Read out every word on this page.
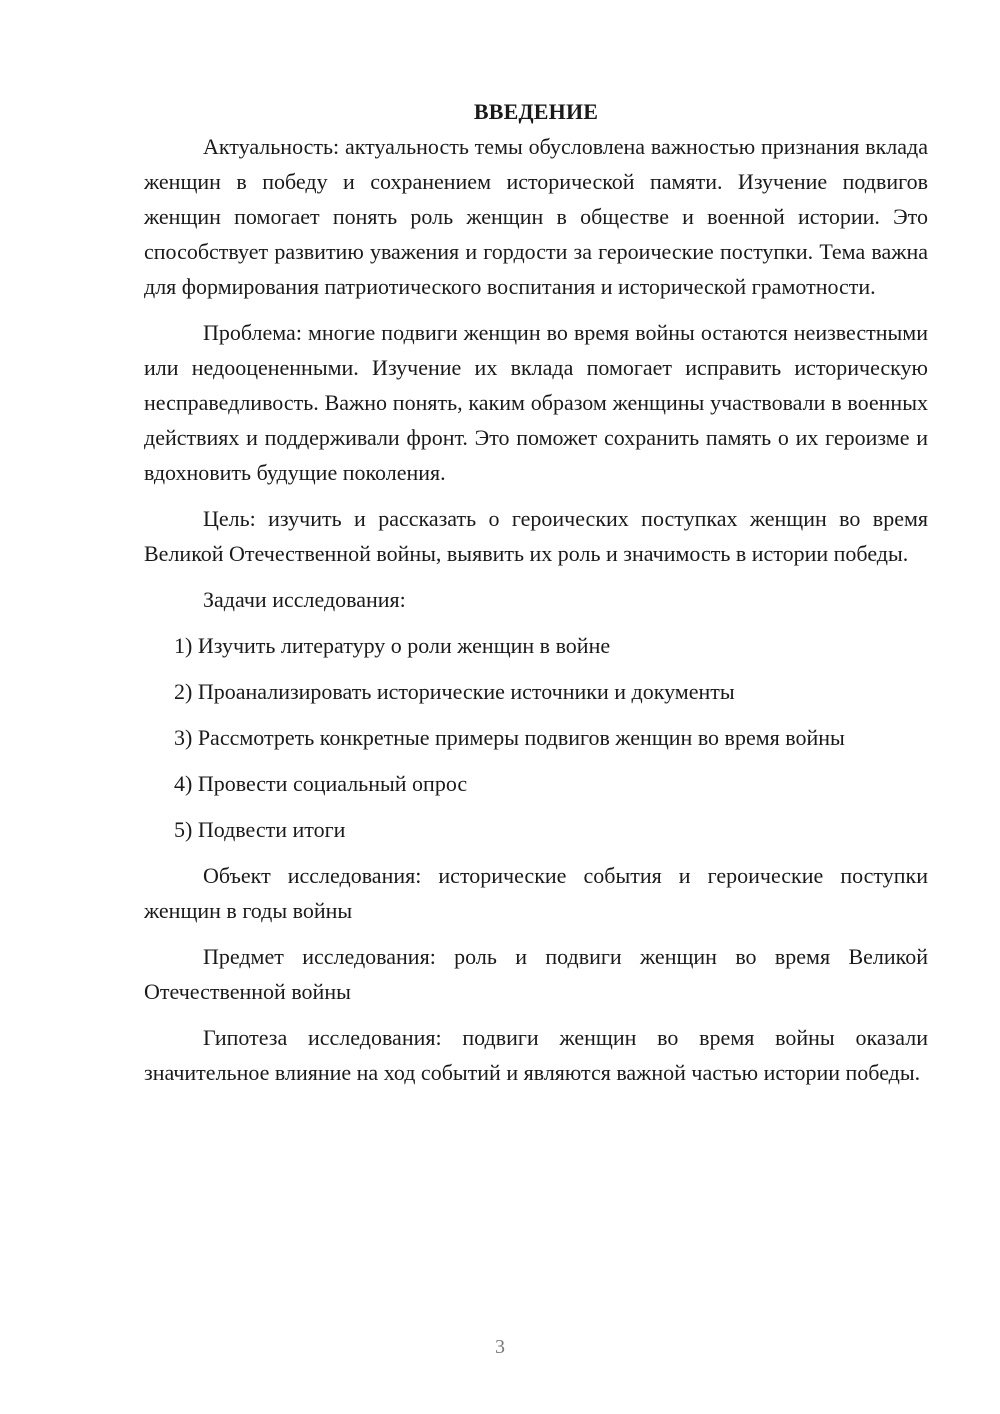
ВВЕДЕНИЕ

Актуальность: актуальность темы обусловлена важностью признания вклада женщин в победу и сохранением исторической памяти. Изучение подвигов женщин помогает понять роль женщин в обществе и военной истории. Это способствует развитию уважения и гордости за героические поступки. Тема важна для формирования патриотического воспитания и исторической грамотности.

Проблема: многие подвиги женщин во время войны остаются неизвестными или недооцененными. Изучение их вклада помогает исправить историческую несправедливость. Важно понять, каким образом женщины участвовали в военных действиях и поддерживали фронт. Это поможет сохранить память о их героизме и вдохновить будущие поколения.

Цель: изучить и рассказать о героических поступках женщин во время Великой Отечественной войны, выявить их роль и значимость в истории победы.

Задачи исследования:

1) Изучить литературу о роли женщин в войне

2) Проанализировать исторические источники и документы

3) Рассмотреть конкретные примеры подвигов женщин во время войны

4) Провести социальный опрос

5) Подвести итоги

Объект исследования: исторические события и героические поступки женщин в годы войны

Предмет исследования: роль и подвиги женщин во время Великой Отечественной войны

Гипотеза исследования: подвиги женщин во время войны оказали значительное влияние на ход событий и являются важной частью истории победы.

3
